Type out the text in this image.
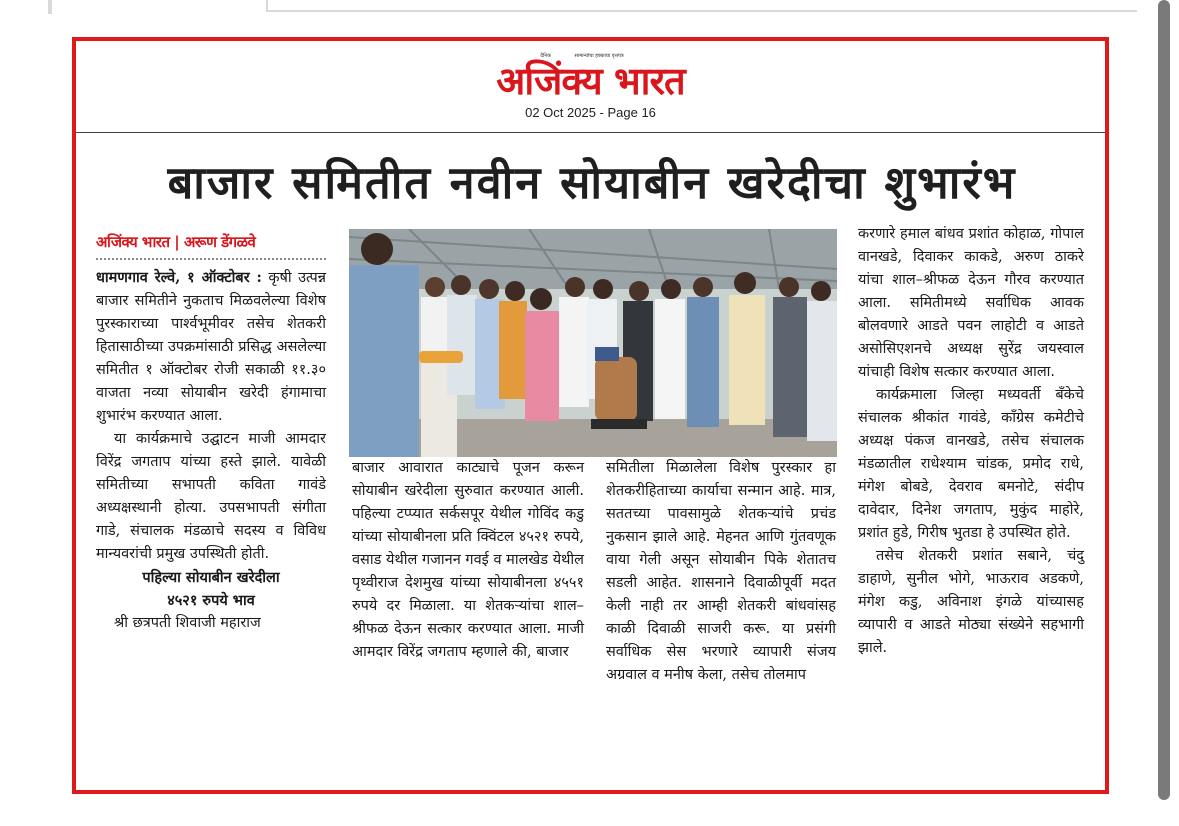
दैनिक	सामान्यांचा हक्काचा वृत्तपत्र
अजिंक्य भारत
02 Oct 2025 - Page 16
बाजार समितीत नवीन सोयाबीन खरेदीचा शुभारंभ
अजिंक्य भारत | अरूण डेंगळवे

धामणगाव रेल्वे, १ ऑक्टोबर : कृषी उत्पन्न बाजार समितीने नुकताच मिळवलेल्या विशेष पुरस्काराच्या पार्श्वभूमीवर तसेच शेतकरी हितासाठीच्या उपक्रमांसाठी प्रसिद्ध असलेल्या समितीत १ ऑक्टोबर रोजी सकाळी ११.३० वाजता नव्या सोयाबीन खरेदी हंगामाचा शुभारंभ करण्यात आला.

या कार्यक्रमाचे उद्घाटन माजी आमदार विरेंद्र जगताप यांच्या हस्ते झाले. यावेळी समितीच्या सभापती कविता गावंडे अध्यक्षस्थानी होत्या. उपसभापती संगीता गाडे, संचालक मंडळाचे सदस्य व विविध मान्यवरांची प्रमुख उपस्थिती होती.

पहिल्या सोयाबीन खरेदीला

४५२१ रुपये भाव

श्री छत्रपती शिवाजी महाराज

बाजार आवारात काट्याचे पूजन करून सोयाबीन खरेदीला सुरुवात करण्यात आली. पहिल्या टप्प्यात सर्कसपूर येथील गोविंद कडु यांच्या सोयाबीनला प्रति क्विंटल ४५२१ रुपये, वसाड येथील गजानन गवई व मालखेड येथील पृथ्वीराज देशमुख यांच्या सोयाबीनला ४५५१ रुपये दर मिळाला. या शेतकऱ्यांचा शाल–श्रीफळ देऊन सत्कार करण्यात आला. माजी आमदार विरेंद्र जगताप म्हणाले की, बाजार

समितीला मिळालेला विशेष पुरस्कार हा शेतकरीहिताच्या कार्याचा सन्मान आहे. मात्र, सततच्या पावसामुळे शेतकऱ्यांचे प्रचंड नुकसान झाले आहे. मेहनत आणि गुंतवणूक वाया गेली असून सोयाबीन पिके शेतातच सडली आहेत. शासनाने दिवाळीपूर्वी मदत केली नाही तर आम्ही शेतकरी बांधवांसह काळी दिवाळी साजरी करू. या प्रसंगी सर्वाधिक सेस भरणारे व्यापारी संजय अग्रवाल व मनीष केला, तसेच तोलमाप

करणारे हमाल बांधव प्रशांत कोहाळ, गोपाल वानखडे, दिवाकर काकडे, अरुण ठाकरे यांचा शाल–श्रीफळ देऊन गौरव करण्यात आला. समितीमध्ये सर्वाधिक आवक बोलवणारे आडते पवन लाहोटी व आडते असोसिएशनचे अध्यक्ष सुरेंद्र जयस्वाल यांचाही विशेष सत्कार करण्यात आला.

कार्यक्रमाला जिल्हा मध्यवर्ती बँकेचे संचालक श्रीकांत गावंडे, काँग्रेस कमेटीचे अध्यक्ष पंकज वानखडे, तसेच संचालक मंडळातील राधेश्याम चांडक, प्रमोद राधे, मंगेश बोबडे, देवराव बमनोटे, संदीप दावेदार, दिनेश जगताप, मुकुंद माहोरे, प्रशांत हुडे, गिरीष भुतडा हे उपस्थित होते.

तसेच शेतकरी प्रशांत सबाने, चंदु डाहाणे, सुनील भोगे, भाऊराव अडकणे, मंगेश कडु, अविनाश इंगळे यांच्यासह व्यापारी व आडते मोठ्या संख्येने सहभागी झाले.
